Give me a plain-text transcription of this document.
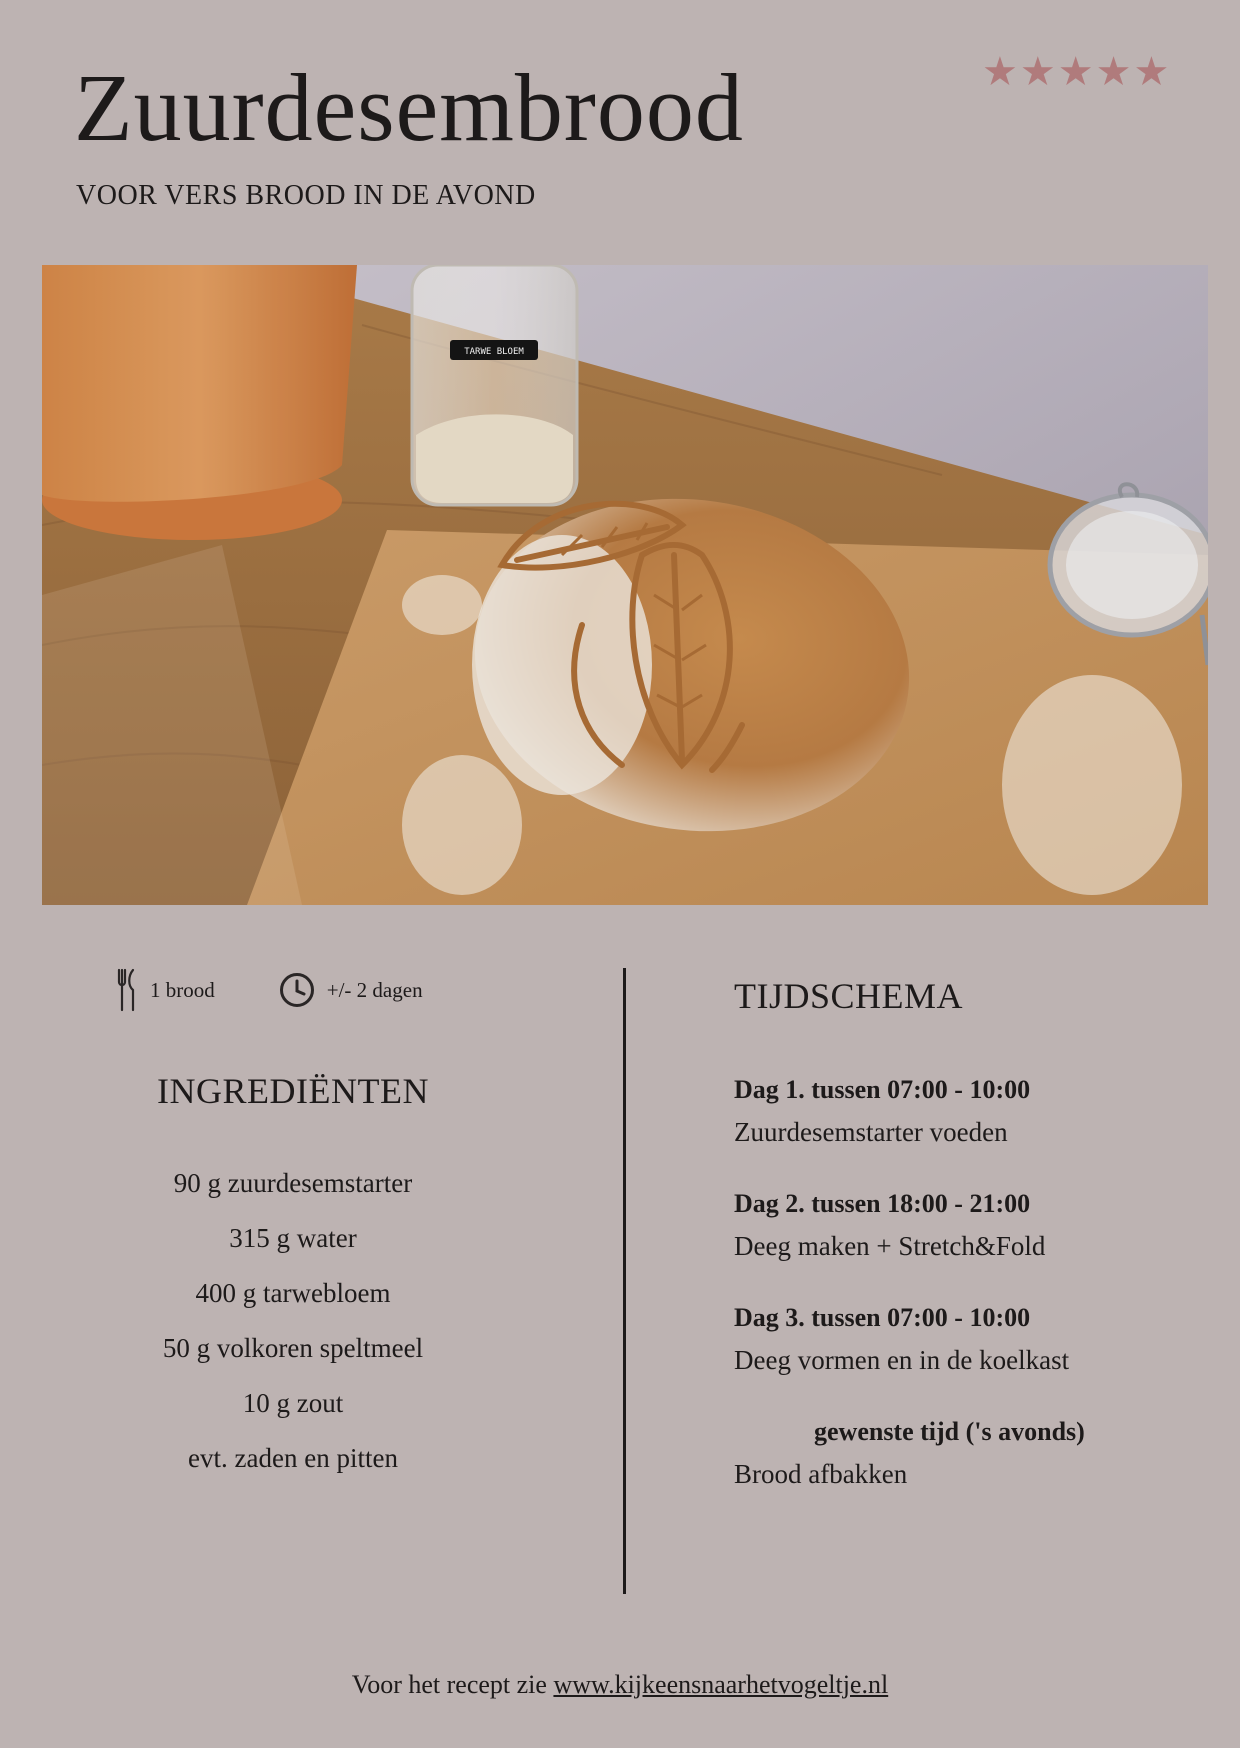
Zuurdesembrood

VOOR VERS BROOD IN DE AVOND

★ ★ ★ ★ ★
TARWE BLOEM
1 brood	+/- 2 dagen
INGREDIËNTEN
90 g zuurdesemstarter
315 g water
400 g tarwebloem
50 g volkoren speltmeel
10 g zout
evt. zaden en pitten
TIJDSCHEMA
Dag 1. tussen 07:00 - 10:00
Zuurdesemstarter voeden
Dag 2. tussen 18:00 - 21:00
Deeg maken + Stretch&Fold
Dag 3. tussen 07:00 - 10:00
Deeg vormen en in de koelkast
gewenste tijd ('s avonds)
Brood afbakken
Voor het recept zie www.kijkeensnaarhetvogeltje.nl
